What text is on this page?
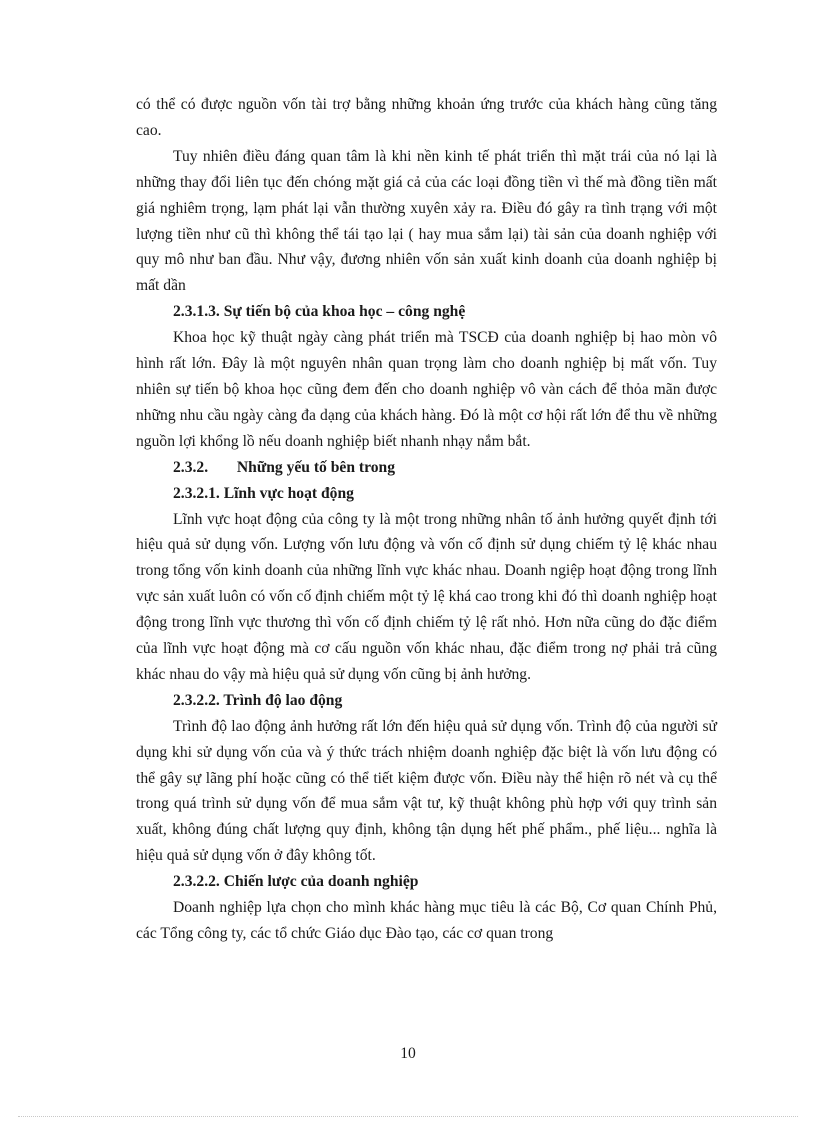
có thể có được nguồn vốn tài trợ bằng những khoản ứng trước của khách hàng cũng tăng cao.

Tuy nhiên điều đáng quan tâm là khi nền kinh tế phát triển thì mặt trái của nó lại là những thay đổi liên tục đến chóng mặt giá cả của các loại đồng tiền vì thế mà đồng tiền mất giá nghiêm trọng, lạm phát lại vẫn thường xuyên xảy ra. Điều đó gây ra tình trạng với một lượng tiền như cũ thì không thể tái tạo lại ( hay mua sắm lại) tài sản của doanh nghiệp với quy mô như ban đầu. Như vậy, đương nhiên vốn sản xuất kinh doanh của doanh nghiệp bị mất dần

2.3.1.3. Sự tiến bộ của khoa học – công nghệ

Khoa học kỹ thuật ngày càng phát triển mà TSCĐ của doanh nghiệp bị hao mòn vô hình rất lớn. Đây là một nguyên nhân quan trọng làm cho doanh nghiệp bị mất vốn. Tuy nhiên sự tiến bộ khoa học cũng đem đến cho doanh nghiệp vô vàn cách để thỏa mãn được những nhu cầu ngày càng đa dạng của khách hàng. Đó là một cơ hội rất lớn để thu về những nguồn lợi khổng lồ nếu doanh nghiệp biết nhanh nhạy nắm bắt.

2.3.2. Những yếu tố bên trong

2.3.2.1. Lĩnh vực hoạt động

Lĩnh vực hoạt động của công ty là một trong những nhân tố ảnh hưởng quyết định tới hiệu quả sử dụng vốn. Lượng vốn lưu động và vốn cố định sử dụng chiếm tỷ lệ khác nhau trong tổng vốn kinh doanh của những lĩnh vực khác nhau. Doanh ngiệp hoạt động trong lĩnh vực sản xuất luôn có vốn cố định chiếm một tỷ lệ khá cao trong khi đó thì doanh nghiệp hoạt động trong lĩnh vực thương thì vốn cố định chiếm tỷ lệ rất nhỏ. Hơn nữa cũng do đặc điểm của lĩnh vực hoạt động mà cơ cấu nguồn vốn khác nhau, đặc điểm trong nợ phải trả cũng khác nhau do vậy mà hiệu quả sử dụng vốn cũng bị ảnh hưởng.

2.3.2.2. Trình độ lao động

Trình độ lao động ảnh hưởng rất lớn đến hiệu quả sử dụng vốn. Trình độ của người sử dụng khi sử dụng vốn của và ý thức trách nhiệm doanh nghiệp đặc biệt là vốn lưu động có thể gây sự lãng phí hoặc cũng có thể tiết kiệm được vốn. Điều này thể hiện rõ nét và cụ thể trong quá trình sử dụng vốn để mua sắm vật tư, kỹ thuật không phù hợp với quy trình sản xuất, không đúng chất lượng quy định, không tận dụng hết phế phẩm., phế liệu... nghĩa là hiệu quả sử dụng vốn ở đây không tốt.

2.3.2.2. Chiến lược của doanh nghiệp

Doanh nghiệp lựa chọn cho mình khác hàng mục tiêu là các Bộ, Cơ quan Chính Phủ, các Tổng công ty, các tổ chức Giáo dục Đào tạo, các cơ quan trong

10
